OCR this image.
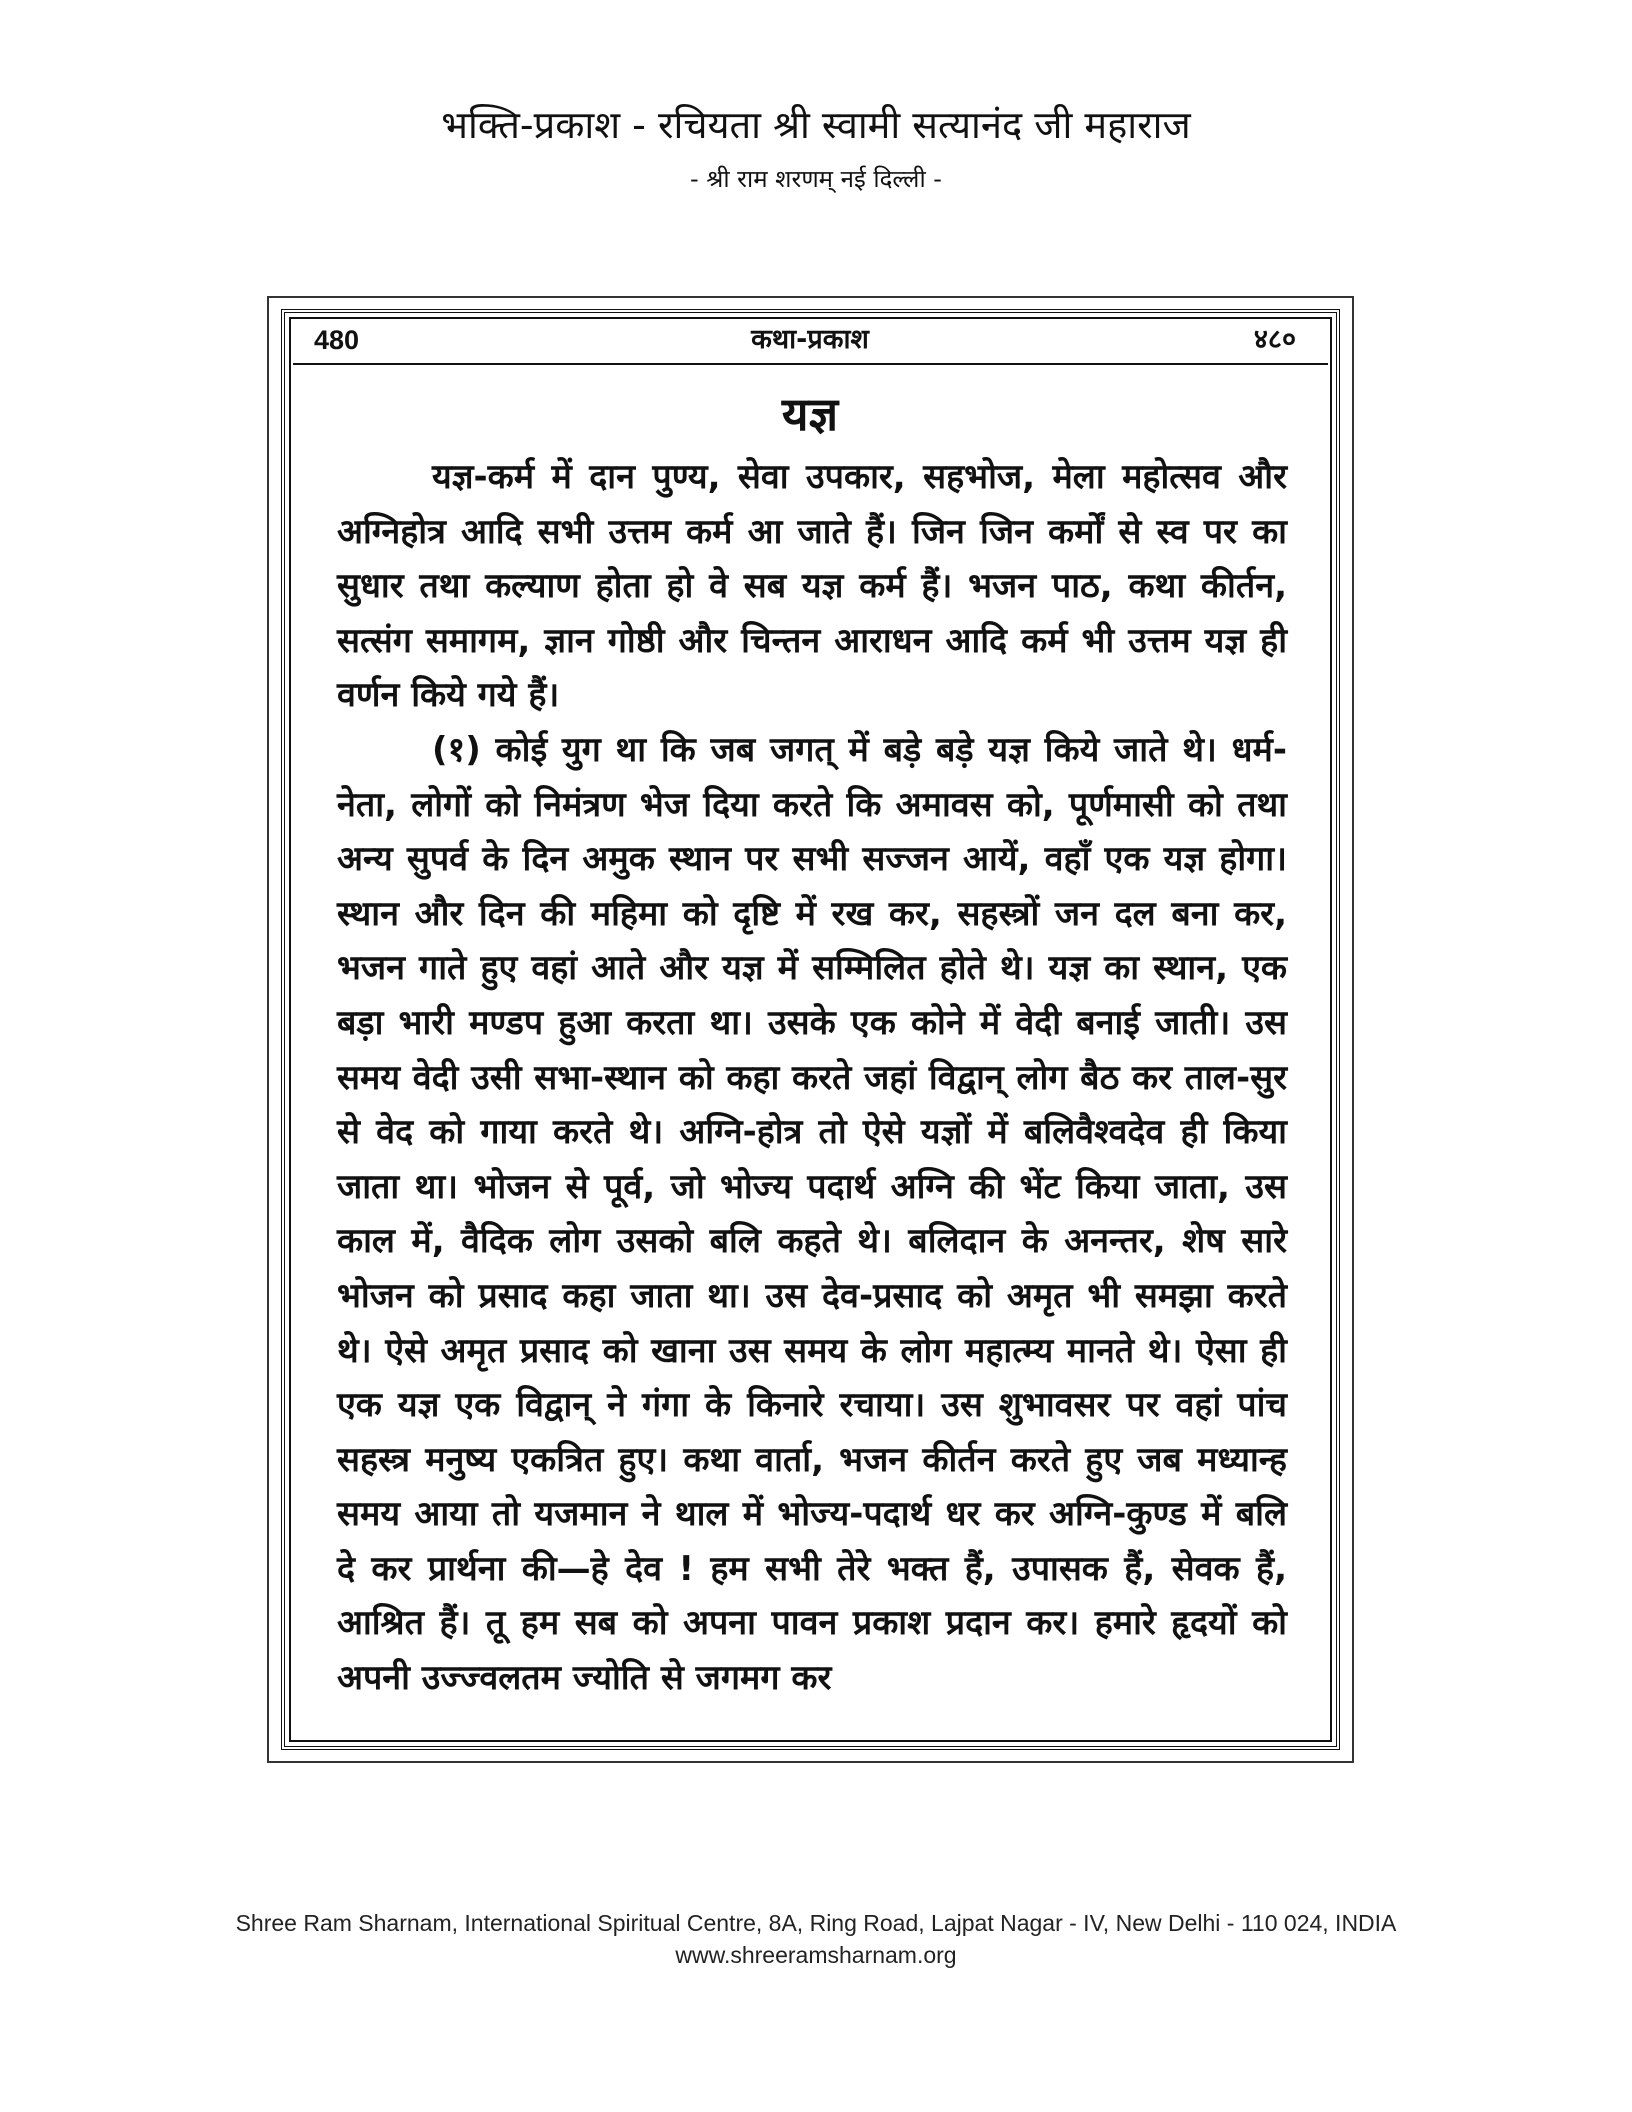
भक्ति-प्रकाश - रचियता श्री स्वामी सत्यानंद जी महाराज
- श्री राम शरणम् नई दिल्ली -
कथा-प्रकाश
480	४८०
यज्ञ

यज्ञ-कर्म में दान पुण्य, सेवा उपकार, सहभोज, मेला महोत्सव और अग्निहोत्र आदि सभी उत्तम कर्म आ जाते हैं। जिन जिन कर्मों से स्व पर का सुधार तथा कल्याण होता हो वे सब यज्ञ कर्म हैं। भजन पाठ, कथा कीर्तन, सत्संग समागम, ज्ञान गोष्ठी और चिन्तन आराधन आदि कर्म भी उत्तम यज्ञ ही वर्णन किये गये हैं।

(१) कोई युग था कि जब जगत् में बड़े बड़े यज्ञ किये जाते थे। धर्म-नेता, लोगों को निमंत्रण भेज दिया करते कि अमावस को, पूर्णमासी को तथा अन्य सुपर्व के दिन अमुक स्थान पर सभी सज्जन आयें, वहाँ एक यज्ञ होगा। स्थान और दिन की महिमा को दृष्टि में रख कर, सहस्त्रों जन दल बना कर, भजन गाते हुए वहां आते और यज्ञ में सम्मिलित होते थे। यज्ञ का स्थान, एक बड़ा भारी मण्डप हुआ करता था। उसके एक कोने में वेदी बनाई जाती। उस समय वेदी उसी सभा-स्थान को कहा करते जहां विद्वान् लोग बैठ कर ताल-सुर से वेद को गाया करते थे। अग्नि-होत्र तो ऐसे यज्ञों में बलिवैश्वदेव ही किया जाता था। भोजन से पूर्व, जो भोज्य पदार्थ अग्नि की भेंट किया जाता, उस काल में, वैदिक लोग उसको बलि कहते थे। बलिदान के अनन्तर, शेष सारे भोजन को प्रसाद कहा जाता था। उस देव-प्रसाद को अमृत भी समझा करते थे। ऐसे अमृत प्रसाद को खाना उस समय के लोग महात्म्य मानते थे। ऐसा ही एक यज्ञ एक विद्वान् ने गंगा के किनारे रचाया। उस शुभावसर पर वहां पांच सहस्त्र मनुष्य एकत्रित हुए। कथा वार्ता, भजन कीर्तन करते हुए जब मध्यान्ह समय आया तो यजमान ने थाल में भोज्य-पदार्थ धर कर अग्नि-कुण्ड में बलि दे कर प्रार्थना की—हे देव ! हम सभी तेरे भक्त हैं, उपासक हैं, सेवक हैं, आश्रित हैं। तू हम सब को अपना पावन प्रकाश प्रदान कर। हमारे हृदयों को अपनी उज्ज्वलतम ज्योति से जगमग कर

Shree Ram Sharnam, International Spiritual Centre, 8A, Ring Road, Lajpat Nagar - IV, New Delhi - 110 024, INDIA
www.shreeramsharnam.org
